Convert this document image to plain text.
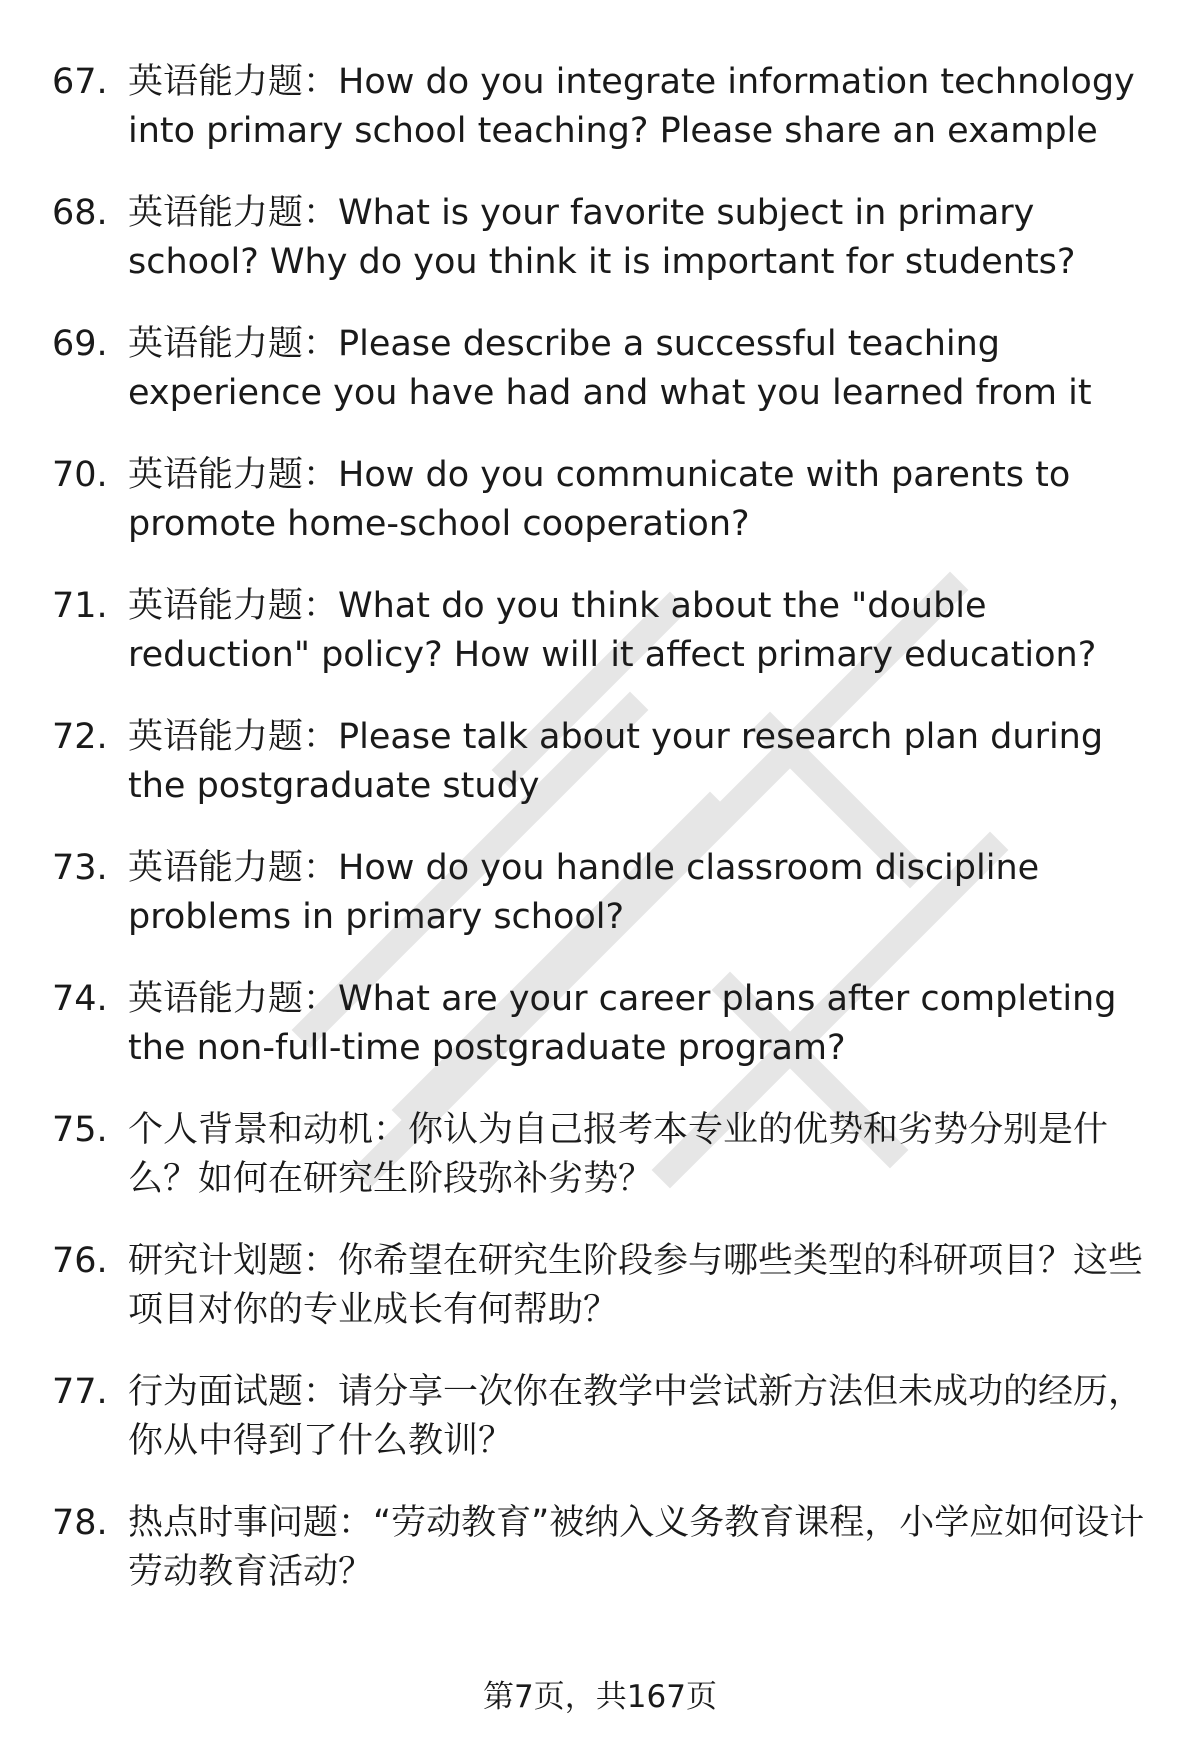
67. 英语能力题：How do you integrate information technology into primary school teaching? Please share an example
68. 英语能力题：What is your favorite subject in primary school? Why do you think it is important for students?
69. 英语能力题：Please describe a successful teaching experience you have had and what you learned from it
70. 英语能力题：How do you communicate with parents to promote home-school cooperation?
71. 英语能力题：What do you think about the "double reduction" policy? How will it affect primary education?
72. 英语能力题：Please talk about your research plan during the postgraduate study
73. 英语能力题：How do you handle classroom discipline problems in primary school?
74. 英语能力题：What are your career plans after completing the non-full-time postgraduate program?
75. 个人背景和动机：你认为自己报考本专业的优势和劣势分别是什么？如何在研究生阶段弥补劣势？
76. 研究计划题：你希望在研究生阶段参与哪些类型的科研项目？这些项目对你的专业成长有何帮助？
77. 行为面试题：请分享一次你在教学中尝试新方法但未成功的经历，你从中得到了什么教训？
78. 热点时事问题：“劳动教育”被纳入义务教育课程，小学应如何设计劳动教育活动？
第7页，共167页
